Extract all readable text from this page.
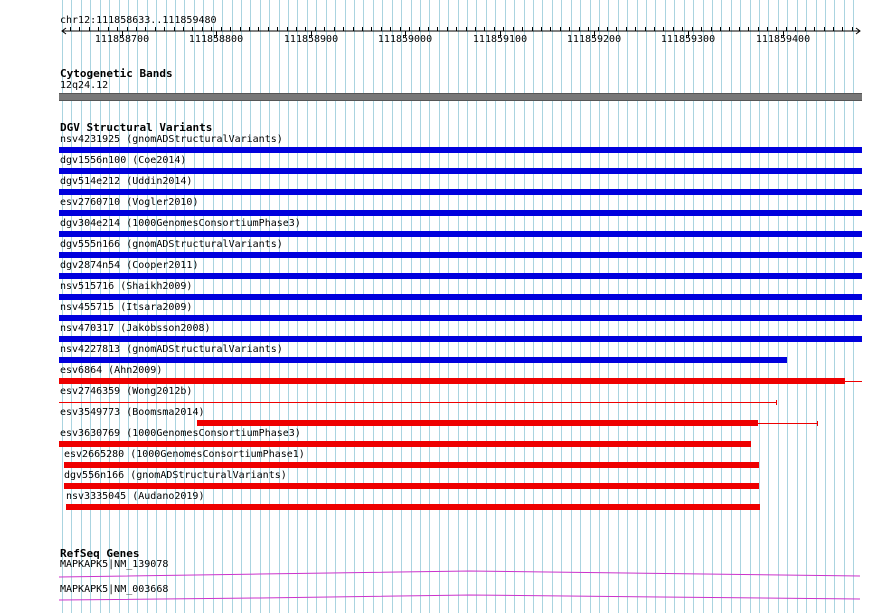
chr12:111858633..111859480
111858700	111858800	111858900	111859000	111859100	111859200	111859300	111859400
Cytogenetic Bands
12q24.12
DGV Structural Variants
nsv4231925 (gnomADStructuralVariants)
dgv1556n100 (Coe2014)
dgv514e212 (Uddin2014)
esv2760710 (Vogler2010)
dgv304e214 (1000GenomesConsortiumPhase3)
dgv555n166 (gnomADStructuralVariants)
dgv2874n54 (Cooper2011)
nsv515716 (Shaikh2009)
nsv455715 (Itsara2009)
nsv470317 (Jakobsson2008)
nsv4227813 (gnomADStructuralVariants)
esv6864 (Ahn2009)
esv2746359 (Wong2012b)
esv3549773 (Boomsma2014)
esv3630769 (1000GenomesConsortiumPhase3)
esv2665280 (1000GenomesConsortiumPhase1)
dgv556n166 (gnomADStructuralVariants)
nsv3335045 (Audano2019)
RefSeq Genes
MAPKAPK5|NM_139078
MAPKAPK5|NM_003668
